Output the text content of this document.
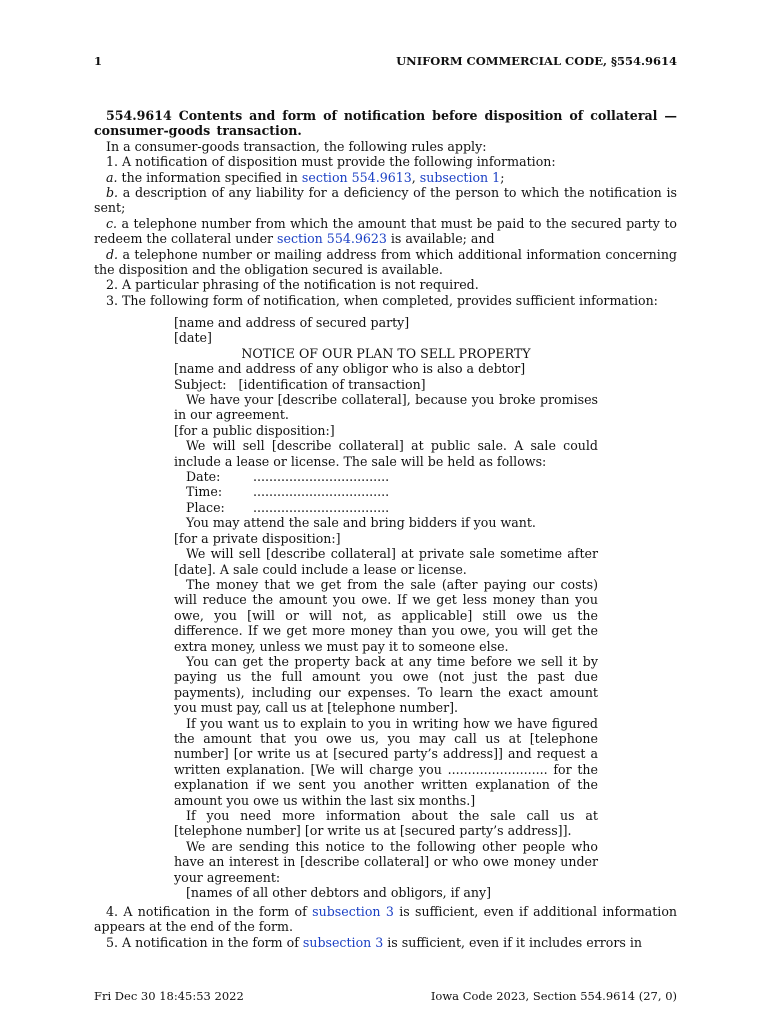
1	UNIFORM COMMERCIAL CODE, §554.9614

554.9614 Contents and form of notification before disposition of collateral — consumer-goods transaction.

In a consumer-goods transaction, the following rules apply:

1. A notification of disposition must provide the following information:

a. the information specified in section 554.9613, subsection 1;

b. a description of any liability for a deficiency of the person to which the notification is sent;

c. a telephone number from which the amount that must be paid to the secured party to redeem the collateral under section 554.9623 is available; and

d. a telephone number or mailing address from which additional information concerning the disposition and the obligation secured is available.

2. A particular phrasing of the notification is not required.

3. The following form of notification, when completed, provides sufficient information:

[name and address of secured party]

[date]

NOTICE OF OUR PLAN TO SELL PROPERTY

[name and address of any obligor who is also a debtor]

Subject:   [identification of transaction]

We have your [describe collateral], because you broke promises in our agreement.

[for a public disposition:]

We will sell [describe collateral] at public sale. A sale could include a lease or license. The sale will be held as follows:

Date:	..................................
Time:	..................................
Place:	..................................

You may attend the sale and bring bidders if you want.

[for a private disposition:]

We will sell [describe collateral] at private sale sometime after [date]. A sale could include a lease or license.

The money that we get from the sale (after paying our costs) will reduce the amount you owe. If we get less money than you owe, you [will or will not, as applicable] still owe us the difference. If we get more money than you owe, you will get the extra money, unless we must pay it to someone else.

You can get the property back at any time before we sell it by paying us the full amount you owe (not just the past due payments), including our expenses. To learn the exact amount you must pay, call us at [telephone number].

If you want us to explain to you in writing how we have figured the amount that you owe us, you may call us at [telephone number] [or write us at [secured party’s address]] and request a written explanation. [We will charge you ......................... for the explanation if we sent you another written explanation of the amount you owe us within the last six months.]

If you need more information about the sale call us at [telephone number] [or write us at [secured party’s address]].

We are sending this notice to the following other people who have an interest in [describe collateral] or who owe money under your agreement:

[names of all other debtors and obligors, if any]

4. A notification in the form of subsection 3 is sufficient, even if additional information appears at the end of the form.

5. A notification in the form of subsection 3 is sufficient, even if it includes errors in

Fri Dec 30 18:45:53 2022	Iowa Code 2023, Section 554.9614 (27, 0)
